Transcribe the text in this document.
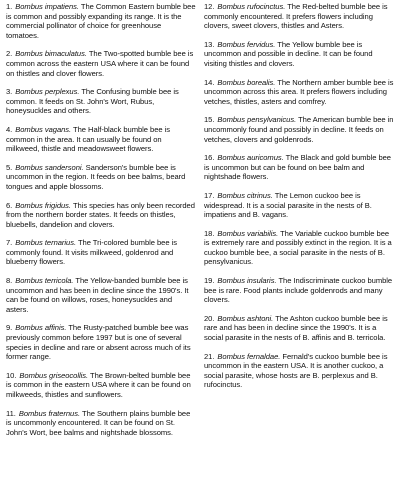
1. Bombus impatiens. The Common Eastern bumble bee is common and possibly expanding its range. It is the commercial pollinator of choice for greenhouse tomatoes.

2. Bombus bimaculatus. The Two-spotted bumble bee is common across the eastern USA where it can be found on thistles and clover flowers.

3. Bombus perplexus. The Confusing bumble bee is common. It feeds on St. John's Wort, Rubus, honeysuckles and others.

4. Bombus vagans. The Half-black bumble bee is common in the area. It can usually be found on milkweed, thistle and meadowsweet flowers.

5. Bombus sandersoni. Sanderson's bumble bee is uncommon in the region. It feeds on bee balms, beard tongues and apple blossoms.

6. Bombus frigidus. This species has only been recorded from the northern border states. It feeds on thistles, bluebells, dandelion and clovers.

7. Bombus ternarius. The Tri-colored bumble bee is commonly found. It visits milkweed, goldenrod and blueberry flowers.

8. Bombus terricola. The Yellow-banded bumble bee is uncommon and has been in decline since the 1990's. It can be found on willows, roses, honeysuckles and asters.

9. Bombus affinis. The Rusty-patched bumble bee was previously common before 1997 but is one of several species in decline and rare or absent across much of its former range.

10. Bombus griseocollis. The Brown-belted bumble bee is common in the eastern USA where it can be found on milkweeds, thistles and sunflowers.

11. Bombus fraternus. The Southern plains bumble bee is uncommonly encountered. It can be found on St. John's Wort, bee balms and nightshade blossoms.

12. Bombus rufocinctus. The Red-belted bumble bee is commonly encountered. It prefers flowers including clovers, sweet clovers, thistles and Asters.

13. Bombus fervidus. The Yellow bumble bee is uncommon and possible in decline. It can be found visiting thistles and clovers.

14. Bombus borealis. The Northern amber bumble bee is uncommon across this area. It prefers flowers including vetches, thistles, asters and comfrey.

15. Bombus pensylvanicus. The American bumble bee in uncommonly found and possibly in decline. It feeds on vetches, clovers and goldenrods.

16. Bombus auricomus. The Black and gold bumble bee is uncommon but can be found on bee balm and nightshade flowers.

17. Bombus citrinus. The Lemon cuckoo bee is widespread. It is a social parasite in the nests of B. impatiens and B. vagans.

18. Bombus variabilis. The Variable cuckoo bumble bee is extremely rare and possibly extinct in the region. It is a cuckoo bumble bee, a social parasite in the nests of B. pensylvanicus.

19. Bombus insularis. The Indiscriminate cuckoo bumble bee is rare. Food plants include goldenrods and many clovers.

20. Bombus ashtoni. The Ashton cuckoo bumble bee is rare and has been in decline since the 1990's. It is a social parasite in the nests of B. affinis and B. terricola.

21. Bombus fernaldae. Fernald's cuckoo bumble bee is uncommon in the eastern USA. It is another cuckoo, a social parasite, whose hosts are B. perplexus and B. rufocinctus.
